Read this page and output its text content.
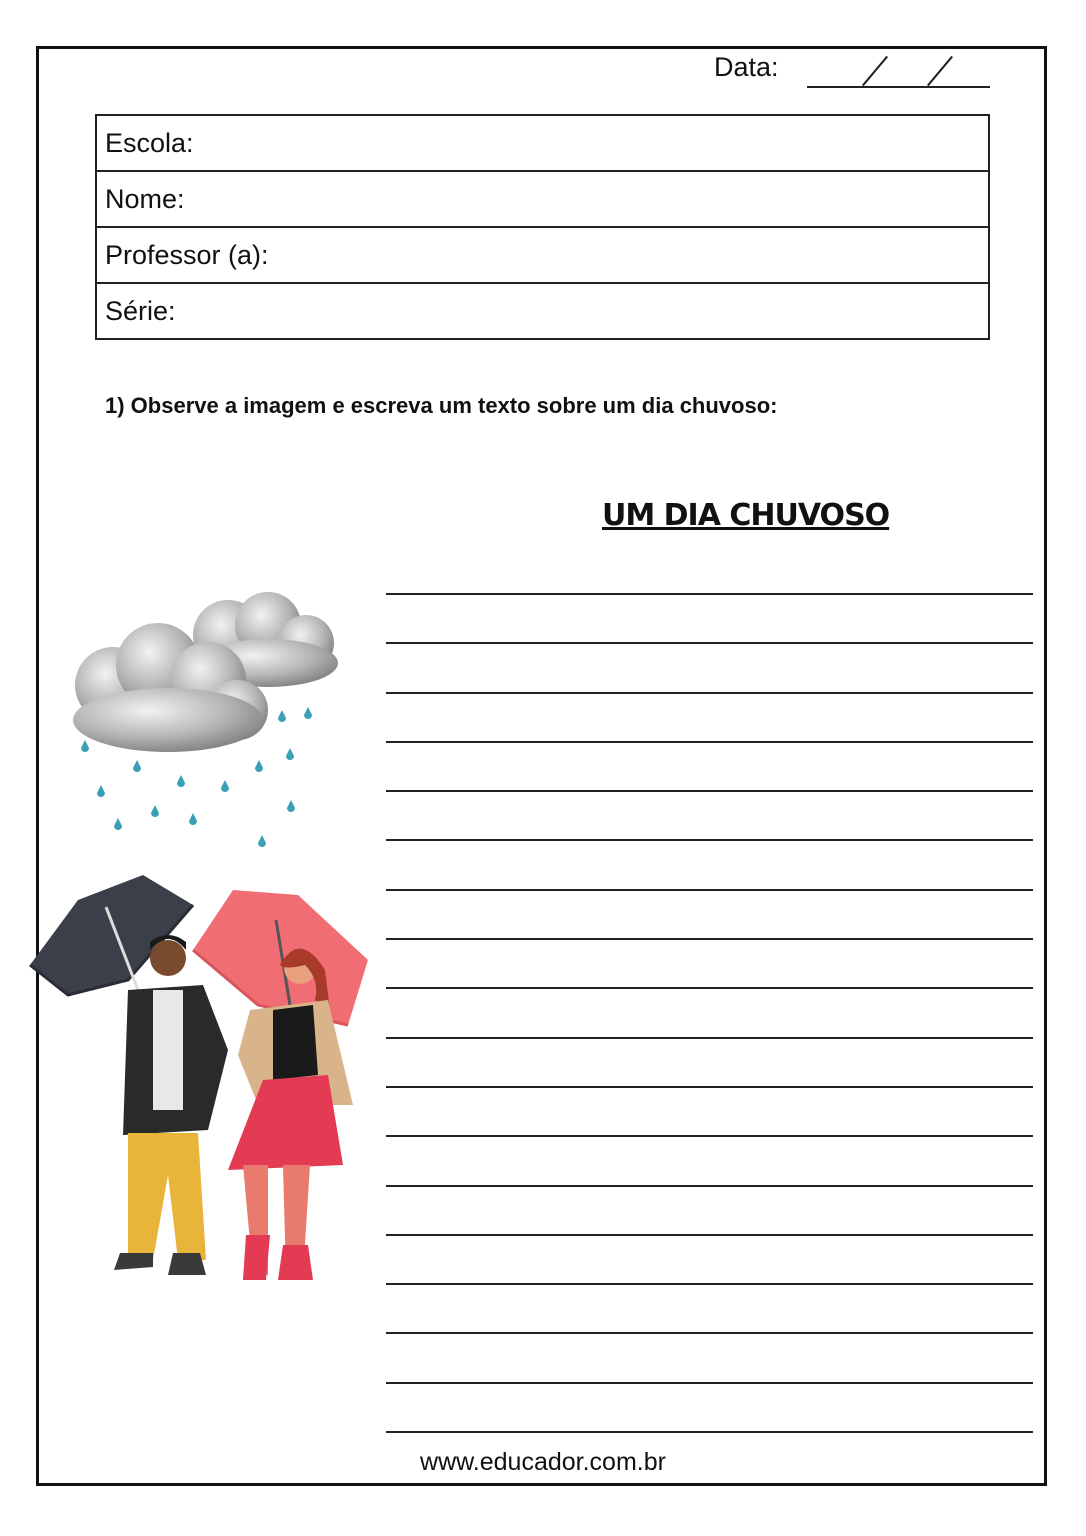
Data:
Escola:
Nome:
Professor (a):
Série:
1) Observe a imagem e escreva um texto sobre um dia chuvoso:
UM DIA CHUVOSO
www.educador.com.br
